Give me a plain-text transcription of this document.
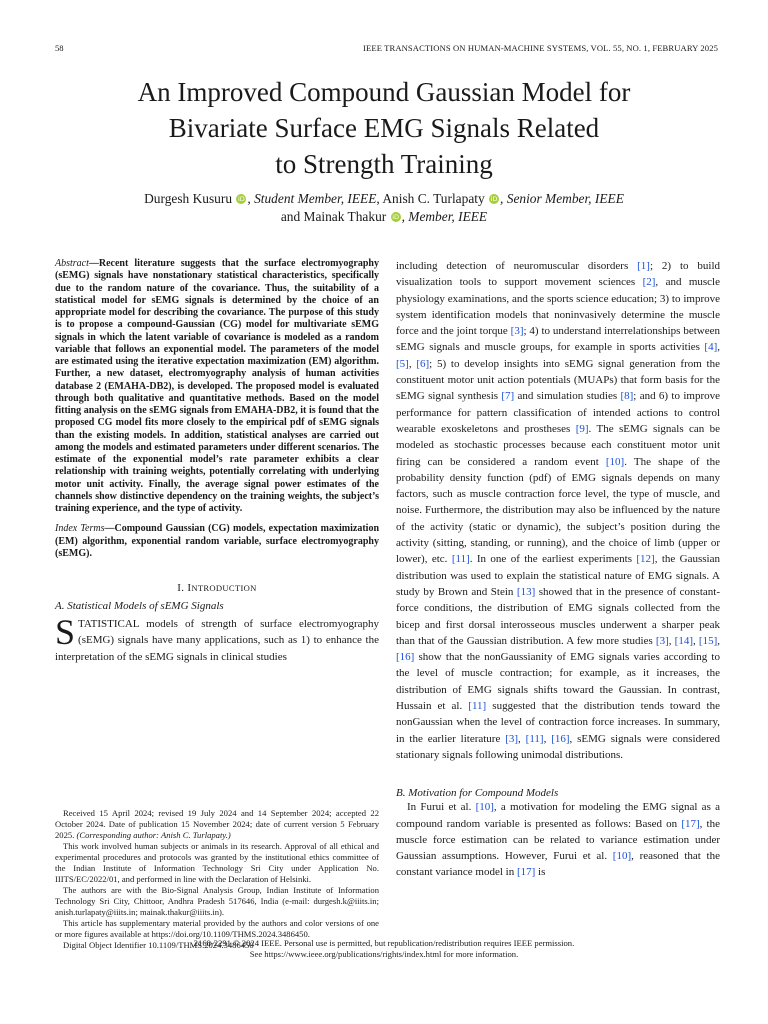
58	IEEE TRANSACTIONS ON HUMAN-MACHINE SYSTEMS, VOL. 55, NO. 1, FEBRUARY 2025
An Improved Compound Gaussian Model for
Bivariate Surface EMG Signals Related
to Strength Training
Durgesh Kusuru iD , Student Member, IEEE, Anish C. Turlapaty iD , Senior Member, IEEE
and Mainak Thakur iD , Member, IEEE

Abstract—Recent literature suggests that the surface electromyography (sEMG) signals have nonstationary statistical characteristics, specifically due to the random nature of the covariance. Thus, the suitability of a statistical model for sEMG signals is determined by the choice of an appropriate model for describing the covariance. The purpose of this study is to propose a compound-Gaussian (CG) model for multivariate sEMG signals in which the latent variable of covariance is modeled as a random variable that follows an exponential model. The parameters of the model are estimated using the iterative expectation maximization (EM) algorithm. Further, a new dataset, electromyography analysis of human activities database 2 (EMAHA-DB2), is developed. The proposed model is evaluated through both qualitative and quantitative methods. Based on the model fitting analysis on the sEMG signals from EMAHA-DB2, it is found that the proposed CG model fits more closely to the empirical pdf of sEMG signals than the existing models. In addition, statistical analyses are carried out among the models and estimated parameters under different scenarios. The estimate of the exponential model’s rate parameter exhibits a clear relationship with training weights, potentially correlating with underlying motor unit activity. Finally, the average signal power estimates of the channels show distinctive dependency on the training weights, the subject’s training experience, and the type of activity.

Index Terms—Compound Gaussian (CG) models, expectation maximization (EM) algorithm, exponential random variable, surface electromyography (sEMG).

I. INTRODUCTION
A. Statistical Models of sEMG Signals

STATISTICAL models of strength of surface electromyography (sEMG) signals have many applications, such as 1) to enhance the interpretation of the sEMG signals in clinical studies

Received 15 April 2024; revised 19 July 2024 and 14 September 2024; accepted 22 October 2024. Date of publication 15 November 2024; date of current version 5 February 2025. (Corresponding author: Anish C. Turlapaty.)

This work involved human subjects or animals in its research. Approval of all ethical and experimental procedures and protocols was granted by the institutional ethics committee of the Indian Institute of Information Technology Sri City under Application No. IIITS/EC/2022/01, and performed in line with the Declaration of Helsinki.

The authors are with the Bio-Signal Analysis Group, Indian Institute of Information Technology Sri City, Chittoor, Andhra Pradesh 517646, India (e-mail: durgesh.k@iiits.in; anish.turlapaty@iiits.in; mainak.thakur@iiits.in).

This article has supplementary material provided by the authors and color versions of one or more figures available at https://doi.org/10.1109/THMS.2024.3486450.

Digital Object Identifier 10.1109/THMS.2024.3486450

including detection of neuromuscular disorders [1]; 2) to build visualization tools to support movement sciences [2], and muscle physiology examinations, and the sports science education; 3) to improve system identification models that noninvasively determine the muscle force and the joint torque [3]; 4) to understand interrelationships between sEMG signals and muscle groups, for example in sports activities [4], [5], [6]; 5) to develop insights into sEMG signal generation from the constituent motor unit action potentials (MUAPs) that form basis for the sEMG signal synthesis [7] and simulation studies [8]; and 6) to improve performance for pattern classification of intended actions to control wearable exoskeletons and prostheses [9]. The sEMG signals can be modeled as stochastic processes because each constituent motor unit firing can be considered a random event [10]. The shape of the probability density function (pdf) of EMG signals depends on many factors, such as muscle contraction force level, the type of muscle, and noise. Furthermore, the distribution may also be influenced by the nature of the activity (static or dynamic), the subject’s position during the activity (sitting, standing, or running), and the choice of limb (upper or lower), etc. [11]. In one of the earliest experiments [12], the Gaussian distribution was used to explain the statistical nature of EMG signals. A study by Brown and Stein [13] showed that in the presence of constant-force conditions, the distribution of EMG signals collected from the bicep and first dorsal interosseous muscles underwent a sharper peak than that of the Gaussian distribution. A few more studies [3], [14], [15], [16] show that the nonGaussianity of EMG signals varies according to the level of muscle contraction; for example, as it increases, the distribution of EMG signals shifts toward the Gaussian. In contrast, Hussain et al. [11] suggested that the distribution tends toward the nonGaussian when the level of contraction force increases. In summary, in the earlier literature [3], [11], [16], sEMG signals were considered stationary signals following unimodal distributions.

B. Motivation for Compound Models

In Furui et al. [10], a motivation for modeling the EMG signal as a compound random variable is presented as follows: Based on [17], the muscle force estimation can be related to variance estimation under Gaussian assumptions. However, Furui et al. [10], reasoned that the constant variance model in [17] is

2168-2291 © 2024 IEEE. Personal use is permitted, but republication/redistribution requires IEEE permission.
See https://www.ieee.org/publications/rights/index.html for more information.
